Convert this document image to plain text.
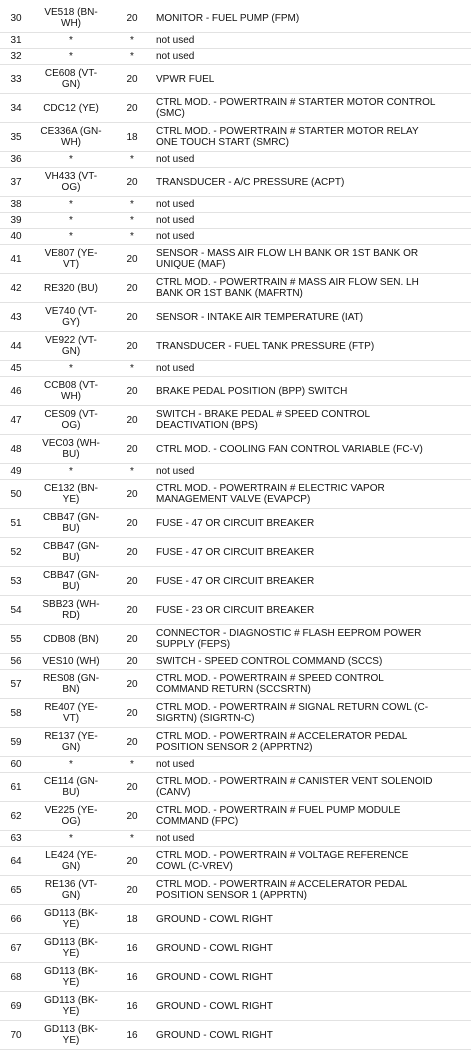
30	VE518 (BN-
WH)	20	MONITOR - FUEL PUMP (FPM)
31	*	*	not used
32	*	*	not used
33	CE608 (VT-
GN)	20	VPWR FUEL
34	CDC12 (YE)	20	CTRL MOD. - POWERTRAIN # STARTER MOTOR CONTROL
(SMC)
35	CE336A (GN-
WH)	18	CTRL MOD. - POWERTRAIN # STARTER MOTOR RELAY
ONE TOUCH START (SMRC)
36	*	*	not used
37	VH433 (VT-
OG)	20	TRANSDUCER - A/C PRESSURE (ACPT)
38	*	*	not used
39	*	*	not used
40	*	*	not used
41	VE807 (YE-
VT)	20	SENSOR - MASS AIR FLOW LH BANK OR 1ST BANK OR
UNIQUE (MAF)
42	RE320 (BU)	20	CTRL MOD. - POWERTRAIN # MASS AIR FLOW SEN. LH
BANK OR 1ST BANK (MAFRTN)
43	VE740 (VT-
GY)	20	SENSOR - INTAKE AIR TEMPERATURE (IAT)
44	VE922 (VT-
GN)	20	TRANSDUCER - FUEL TANK PRESSURE (FTP)
45	*	*	not used
46	CCB08 (VT-
WH)	20	BRAKE PEDAL POSITION (BPP) SWITCH
47	CES09 (VT-
OG)	20	SWITCH - BRAKE PEDAL # SPEED CONTROL
DEACTIVATION (BPS)
48	VEC03 (WH-
BU)	20	CTRL MOD. - COOLING FAN CONTROL VARIABLE (FC-V)
49	*	*	not used
50	CE132 (BN-
YE)	20	CTRL MOD. - POWERTRAIN # ELECTRIC VAPOR
MANAGEMENT VALVE (EVAPCP)
51	CBB47 (GN-
BU)	20	FUSE - 47 OR CIRCUIT BREAKER
52	CBB47 (GN-
BU)	20	FUSE - 47 OR CIRCUIT BREAKER
53	CBB47 (GN-
BU)	20	FUSE - 47 OR CIRCUIT BREAKER
54	SBB23 (WH-
RD)	20	FUSE - 23 OR CIRCUIT BREAKER
55	CDB08 (BN)	20	CONNECTOR - DIAGNOSTIC # FLASH EEPROM POWER
SUPPLY (FEPS)
56	VES10 (WH)	20	SWITCH - SPEED CONTROL COMMAND (SCCS)
57	RES08 (GN-
BN)	20	CTRL MOD. - POWERTRAIN # SPEED CONTROL
COMMAND RETURN (SCCSRTN)
58	RE407 (YE-
VT)	20	CTRL MOD. - POWERTRAIN # SIGNAL RETURN COWL (C-
SIGRTN) (SIGRTN-C)
59	RE137 (YE-
GN)	20	CTRL MOD. - POWERTRAIN # ACCELERATOR PEDAL
POSITION SENSOR 2 (APPRTN2)
60	*	*	not used
61	CE114 (GN-
BU)	20	CTRL MOD. - POWERTRAIN # CANISTER VENT SOLENOID
(CANV)
62	VE225 (YE-
OG)	20	CTRL MOD. - POWERTRAIN # FUEL PUMP MODULE
COMMAND (FPC)
63	*	*	not used
64	LE424 (YE-
GN)	20	CTRL MOD. - POWERTRAIN # VOLTAGE REFERENCE
COWL (C-VREV)
65	RE136 (VT-
GN)	20	CTRL MOD. - POWERTRAIN # ACCELERATOR PEDAL
POSITION SENSOR 1 (APPRTN)
66	GD113 (BK-
YE)	18	GROUND - COWL RIGHT
67	GD113 (BK-
YE)	16	GROUND - COWL RIGHT
68	GD113 (BK-
YE)	16	GROUND - COWL RIGHT
69	GD113 (BK-
YE)	16	GROUND - COWL RIGHT
70	GD113 (BK-
YE)	16	GROUND - COWL RIGHT
